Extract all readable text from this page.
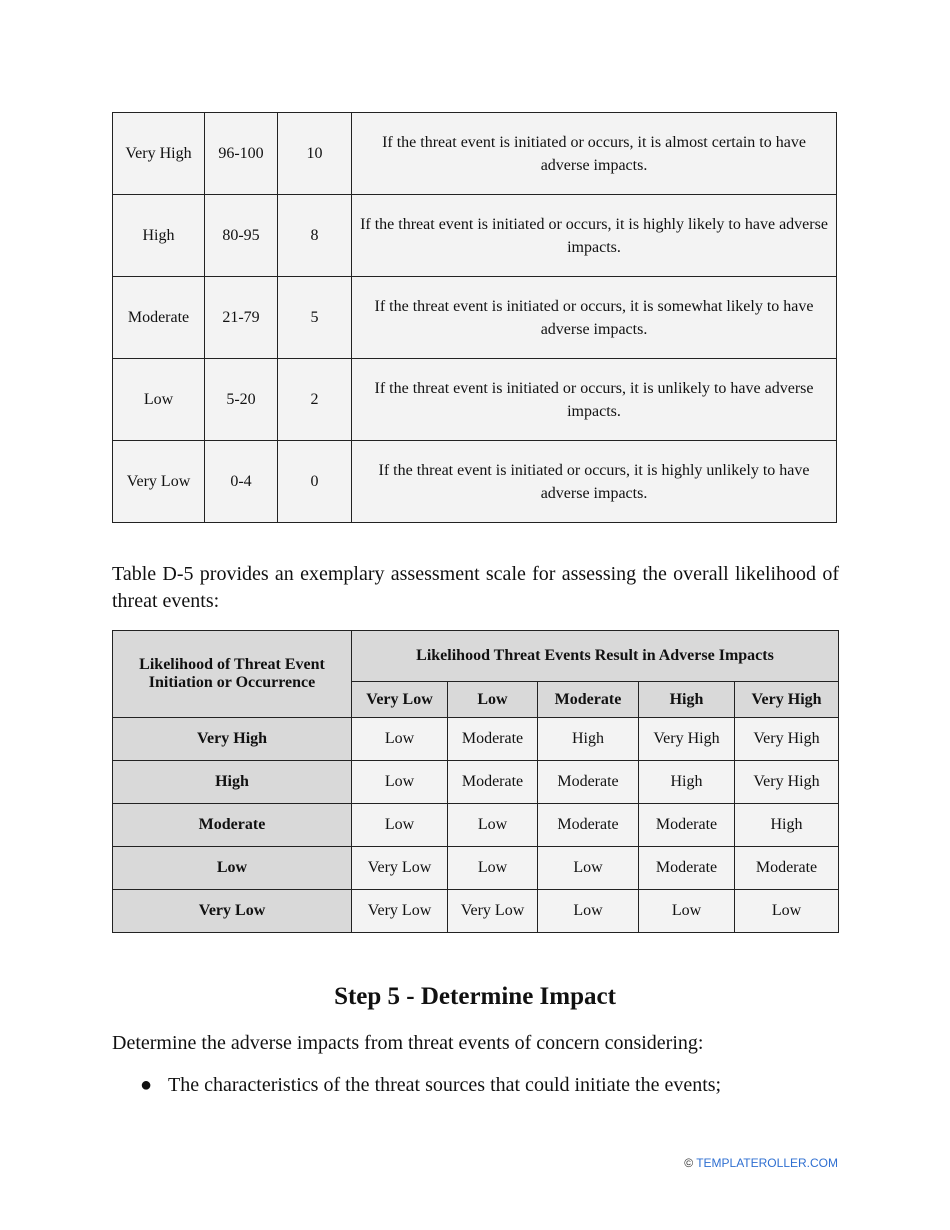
Very High	96-100	10	If the threat event is initiated or occurs, it is almost certain to have adverse impacts.
High	80-95	8	If the threat event is initiated or occurs, it is highly likely to have adverse impacts.
Moderate	21-79	5	If the threat event is initiated or occurs, it is somewhat likely to have adverse impacts.
Low	5-20	2	If the threat event is initiated or occurs, it is unlikely to have adverse impacts.
Very Low	0-4	0	If the threat event is initiated or occurs, it is highly unlikely to have adverse impacts.

Table D-5 provides an exemplary assessment scale for assessing the overall likelihood of threat events:

Likelihood of Threat Event Initiation or Occurrence	Likelihood Threat Events Result in Adverse Impacts				
	Very Low	Low	Moderate	High	Very High
Very High	Low	Moderate	High	Very High	Very High
High	Low	Moderate	Moderate	High	Very High
Moderate	Low	Low	Moderate	Moderate	High
Low	Very Low	Low	Low	Moderate	Moderate
Very Low	Very Low	Very Low	Low	Low	Low
Step 5 - Determine Impact

Determine the adverse impacts from threat events of concern considering:

● The characteristics of the threat sources that could initiate the events;

© TEMPLATEROLLER.COM
